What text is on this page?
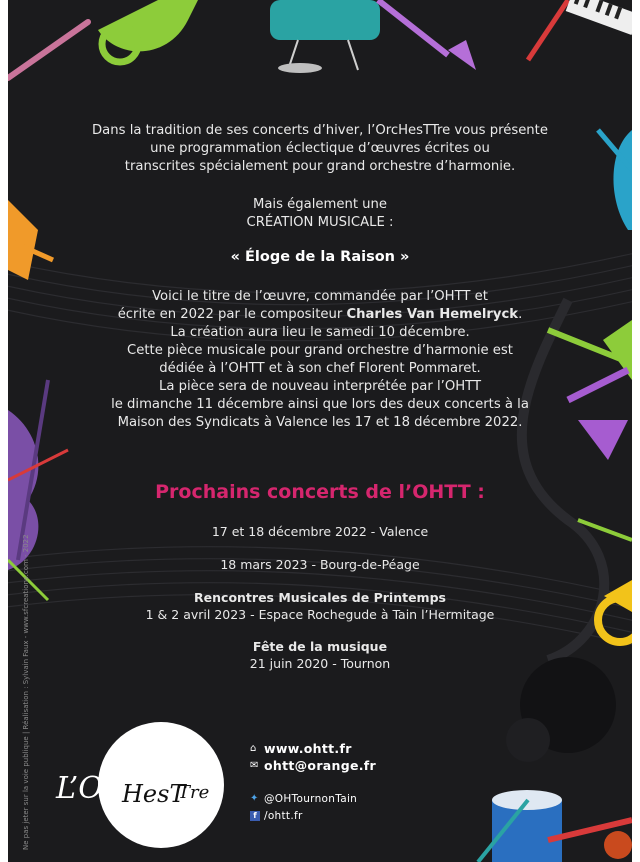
Dans la tradition de ses concerts d’hiver, l’OrcHesTTre vous présente
une programmation éclectique d’œuvres écrites ou
transcrites spécialement pour grand orchestre d’harmonie.
Mais également une
CRÉATION MUSICALE :
« Éloge de la Raison »
Voici le titre de l’œuvre, commandée par l’OHTT et
écrite en 2022 par le compositeur Charles Van Hemelryck.
La création aura lieu le samedi 10 décembre.
Cette pièce musicale pour grand orchestre d’harmonie est
dédiée à l’OHTT et à son chef Florent Pommaret.
La pièce sera de nouveau interprétée par l’OHTT
le dimanche 11 décembre ainsi que lors des deux concerts à la
Maison des Syndicats à Valence les 17 et 18 décembre 2022.
Prochains concerts de l’OHTT :
17 et 18 décembre 2022 - Valence
18 mars 2023 - Bourg-de-Péage
Rencontres Musicales de Printemps
1 & 2 avril 2023 - Espace Rochegude à Tain l’Hermitage
Fête de la musique
21 juin 2020 - Tournon
Ne pas jeter sur la voie publique | Réalisation : Sylvain Faux - www.sfcreations.com - 2022 L’Orc
HesT
Tre
⌂ www.ohtt.fr
✉ ohtt@orange.fr
✦ @OHTournonTain
f /ohtt.fr
